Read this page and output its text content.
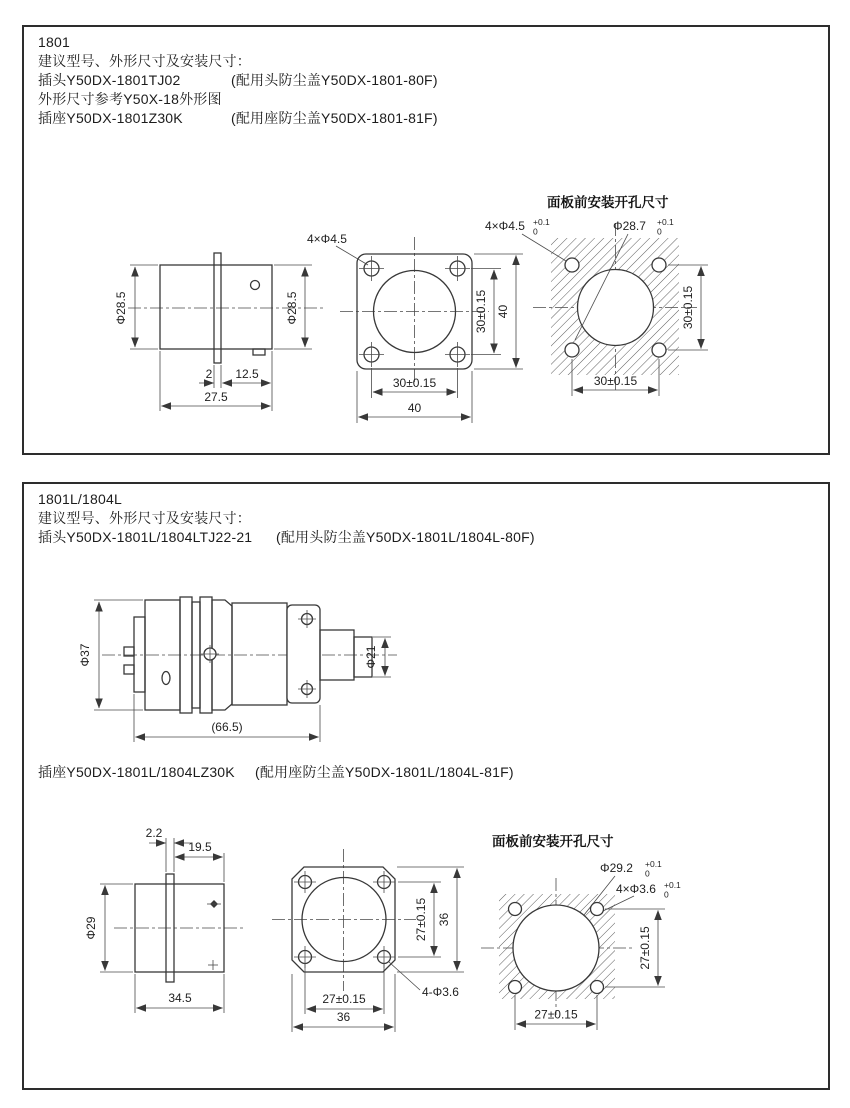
1801
建议型号、外形尺寸及安装尺寸：
插头Y50DX-1801TJ02	(配用头防尘盖Y50DX-1801-80F)
外形尺寸参考Y50X-18外形图
插座Y50DX-1801Z30K	(配用座防尘盖Y50DX-1801-81F)
Φ28.5	Φ28.5
2 12.5
27.5
4×Φ4.5
30±0.15 40
30±0.15
40
面板前安装开孔尺寸
4×Φ4.5 +0.1
0	Φ28.7 +0.1
0
30±0.15
30±0.15
1801L/1804L
建议型号、外形尺寸及安装尺寸：
插头Y50DX-1801L/1804LTJ22-21 (配用头防尘盖Y50DX-1801L/1804L-80F)
插座Y50DX-1801L/1804LZ30K (配用座防尘盖Y50DX-1801L/1804L-81F)
Φ37	Φ21
(66.5)
2.2
19.5
Φ29
34.5
27±0.15 36
27±0.15
36
4-Φ3.6
面板前安装开孔尺寸
Φ29.2 +0.1
0
4×Φ3.6 +0.1
0
27±0.15
27±0.15
